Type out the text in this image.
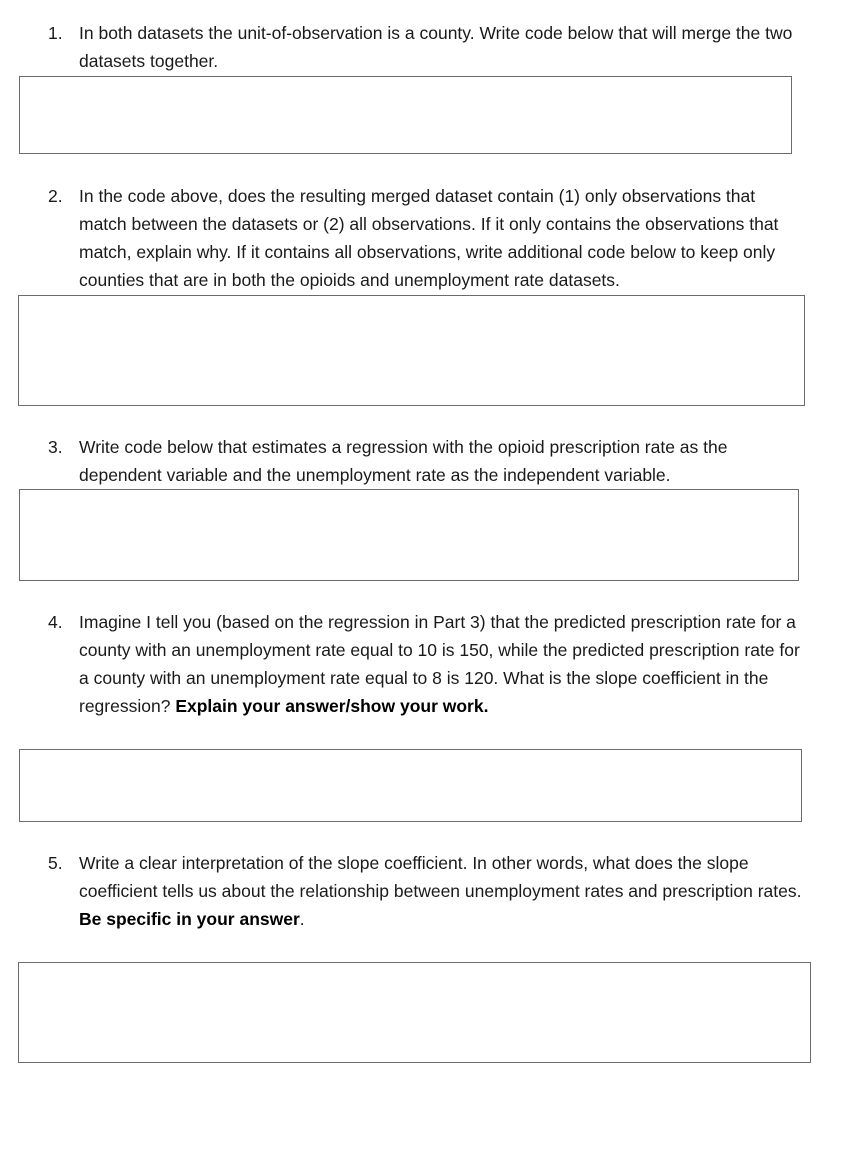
1. In both datasets the unit-of-observation is a county. Write code below that will merge the two datasets together.
2. In the code above, does the resulting merged dataset contain (1) only observations that match between the datasets or (2) all observations. If it only contains the observations that match, explain why. If it contains all observations, write additional code below to keep only counties that are in both the opioids and unemployment rate datasets.
3. Write code below that estimates a regression with the opioid prescription rate as the dependent variable and the unemployment rate as the independent variable.
4. Imagine I tell you (based on the regression in Part 3) that the predicted prescription rate for a county with an unemployment rate equal to 10 is 150, while the predicted prescription rate for a county with an unemployment rate equal to 8 is 120. What is the slope coefficient in the regression? Explain your answer/show your work.
5. Write a clear interpretation of the slope coefficient. In other words, what does the slope coefficient tells us about the relationship between unemployment rates and prescription rates. Be specific in your answer.
